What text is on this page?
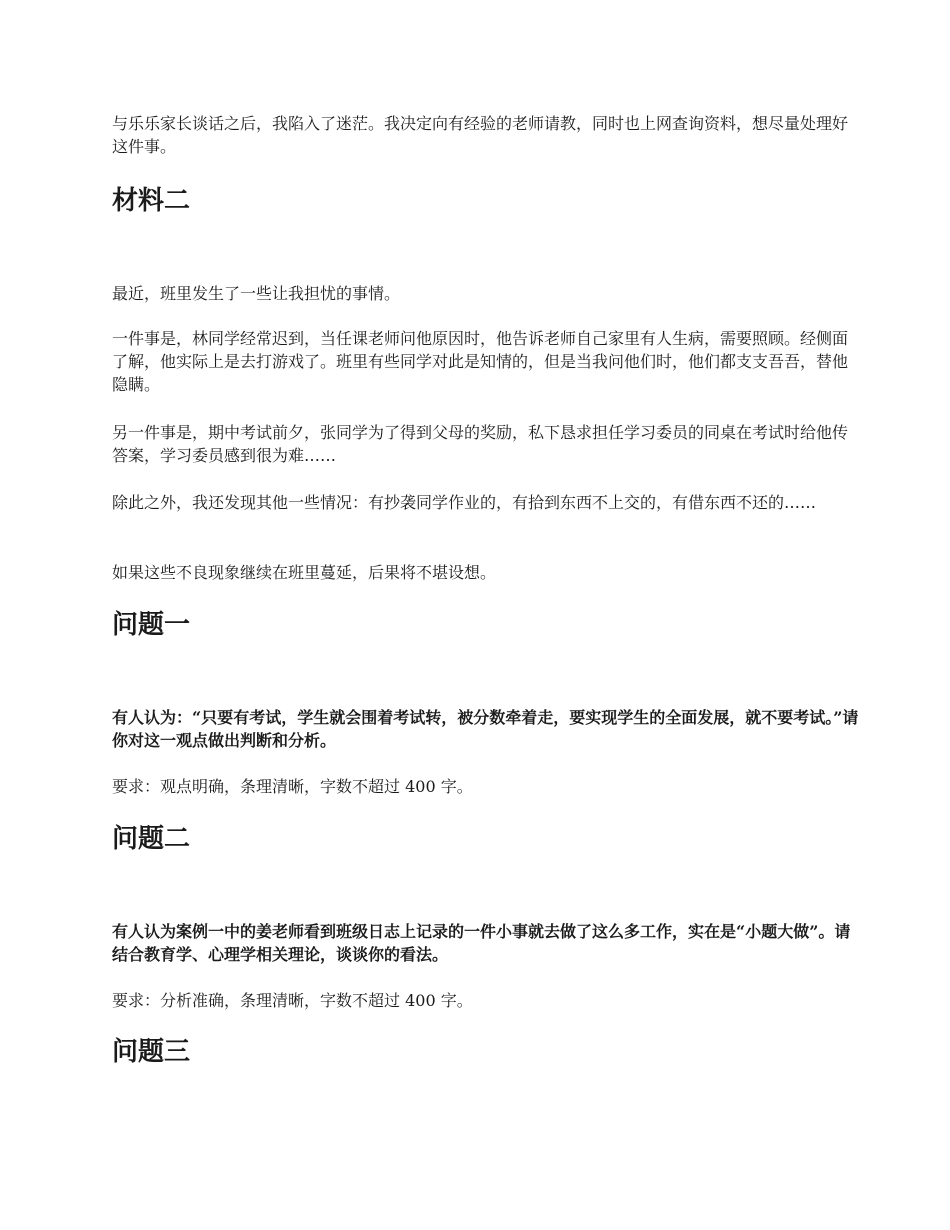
与乐乐家长谈话之后，我陷入了迷茫。我决定向有经验的老师请教，同时也上网查询资料，想尽量处理好这件事。

材料二

最近，班里发生了一些让我担忧的事情。

一件事是，林同学经常迟到，当任课老师问他原因时，他告诉老师自己家里有人生病，需要照顾。经侧面了解，他实际上是去打游戏了。班里有些同学对此是知情的，但是当我问他们时，他们都支支吾吾，替他隐瞒。

另一件事是，期中考试前夕，张同学为了得到父母的奖励，私下恳求担任学习委员的同桌在考试时给他传答案，学习委员感到很为难……

除此之外，我还发现其他一些情况：有抄袭同学作业的，有拾到东西不上交的，有借东西不还的……

如果这些不良现象继续在班里蔓延，后果将不堪设想。

问题一

有人认为：“只要有考试，学生就会围着考试转，被分数牵着走，要实现学生的全面发展，就不要考试。”请你对这一观点做出判断和分析。

要求：观点明确，条理清晰，字数不超过 400 字。

问题二

有人认为案例一中的姜老师看到班级日志上记录的一件小事就去做了这么多工作，实在是“小题大做”。请结合教育学、心理学相关理论，谈谈你的看法。

要求：分析准确，条理清晰，字数不超过 400 字。

问题三
